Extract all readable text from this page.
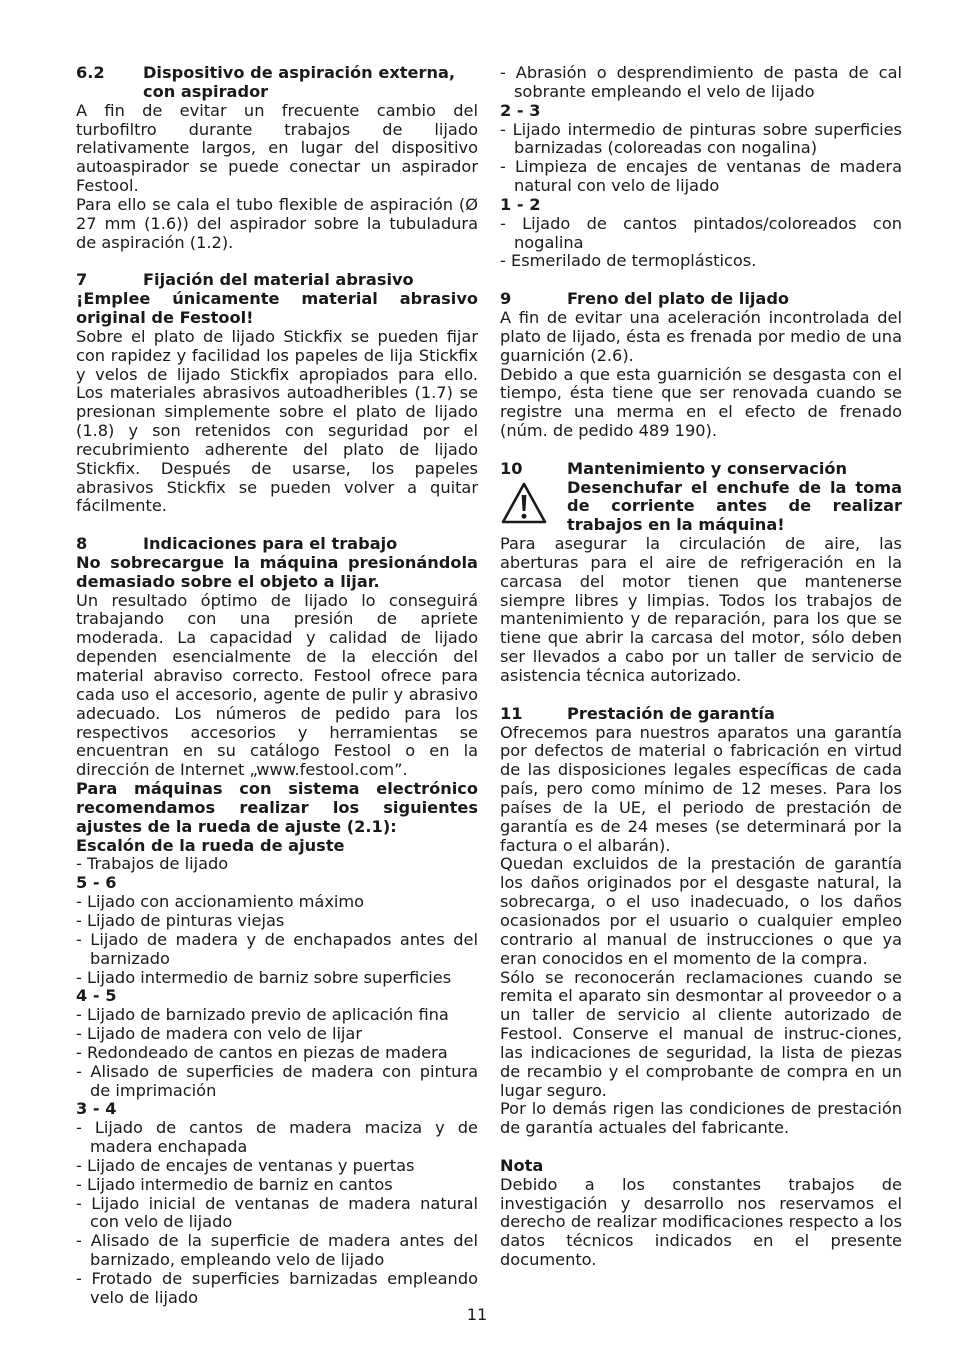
6.2	Dispositivo de aspiración externa, con aspirador

A fin de evitar un frecuente cambio del turbofiltro durante trabajos de lijado relativamente largos, en lugar del dispositivo autoaspirador se puede conectar un aspirador Festool.

Para ello se cala el tubo flexible de aspiración (Ø 27 mm (1.6)) del aspirador sobre la tubuladura de aspiración (1.2).

7	Fijación del material abrasivo

¡Emplee únicamente material abrasivo original de Festool!

Sobre el plato de lijado Stickfix se pueden fijar con rapidez y facilidad los papeles de lija Stickfix y velos de lijado Stickfix apropiados para ello. Los materiales abrasivos autoadheribles (1.7) se presionan simplemente sobre el plato de lijado (1.8) y son retenidos con seguridad por el recubrimiento adherente del plato de lijado Stickfix. Después de usarse, los papeles abrasivos Stickfix se pueden volver a quitar fácilmente.

8	Indicaciones para el trabajo

No sobrecargue la máquina presionándola demasiado sobre el objeto a lijar.

Un resultado óptimo de lijado lo conseguirá trabajando con una presión de apriete moderada. La capacidad y calidad de lijado dependen esencialmente de la elección del material abraviso correcto. Festool ofrece para cada uso el accesorio, agente de pulir y abrasivo adecuado. Los números de pedido para los respectivos accesorios y herramientas se encuentran en su catálogo Festool o en la dirección de Internet „www.festool.com”.

Para máquinas con sistema electrónico recomendamos realizar los siguientes ajustes de la rueda de ajuste (2.1):

Escalón de la rueda de ajuste

- Trabajos de lijado

5 - 6

- Lijado con accionamiento máximo

- Lijado de pinturas viejas

- Lijado de madera y de enchapados antes del barnizado

- Lijado intermedio de barniz sobre superficies

4 - 5

- Lijado de barnizado previo de aplicación fina

- Lijado de madera con velo de lijar

- Redondeado de cantos en piezas de madera

- Alisado de superficies de madera con pintura de imprimación

3 - 4

- Lijado de cantos de madera maciza y de madera enchapada

- Lijado de encajes de ventanas y puertas

- Lijado intermedio de barniz en cantos

- Lijado inicial de ventanas de madera natural con velo de lijado

- Alisado de la superficie de madera antes del barnizado, empleando velo de lijado

- Frotado de superficies barnizadas empleando velo de lijado

- Abrasión o desprendimiento de pasta de cal sobrante empleando el velo de lijado

2 - 3

- Lijado intermedio de pinturas sobre superficies barnizadas (coloreadas con nogalina)

- Limpieza de encajes de ventanas de madera natural con velo de lijado

1 - 2

- Lijado de cantos pintados/coloreados con nogalina

- Esmerilado de termoplásticos.

9	Freno del plato de lijado

A fin de evitar una aceleración incontrolada del plato de lijado, ésta es frenada por medio de una guarnición (2.6).

Debido a que esta guarnición se desgasta con el tiempo, ésta tiene que ser renovada cuando se registre una merma en el efecto de frenado (núm. de pedido 489 190).

10	Mantenimiento y conservación

Desenchufar el enchufe de la toma de corriente antes de realizar trabajos en la máquina!

Para asegurar la circulación de aire, las aberturas para el aire de refrigeración en la carcasa del motor tienen que mantenerse siempre libres y limpias. Todos los trabajos de mantenimiento y de reparación, para los que se tiene que abrir la carcasa del motor, sólo deben ser llevados a cabo por un taller de servicio de asistencia técnica autorizado.

11	Prestación de garantía

Ofrecemos para nuestros aparatos una garantía por defectos de material o fabricación en virtud de las disposiciones legales específicas de cada país, pero como mínimo de 12 meses. Para los países de la UE, el periodo de prestación de garantía es de 24 meses (se determinará por la factura o el albarán).

Quedan excluidos de la prestación de garantía los daños originados por el desgaste natural, la sobrecarga, o el uso inadecuado, o los daños ocasionados por el usuario o cualquier empleo contrario al manual de instrucciones o que ya eran conocidos en el momento de la compra.

Sólo se reconocerán reclamaciones cuando se remita el aparato sin desmontar al proveedor o a un taller de servicio al cliente autorizado de Festool. Conserve el manual de instruc-ciones, las indicaciones de seguridad, la lista de piezas de recambio y el comprobante de compra en un lugar seguro.

Por lo demás rigen las condiciones de prestación de garantía actuales del fabricante.

Nota

Debido a los constantes trabajos de investigación y desarrollo nos reservamos el derecho de realizar modificaciones respecto a los datos técnicos indicados en el presente documento.

11
